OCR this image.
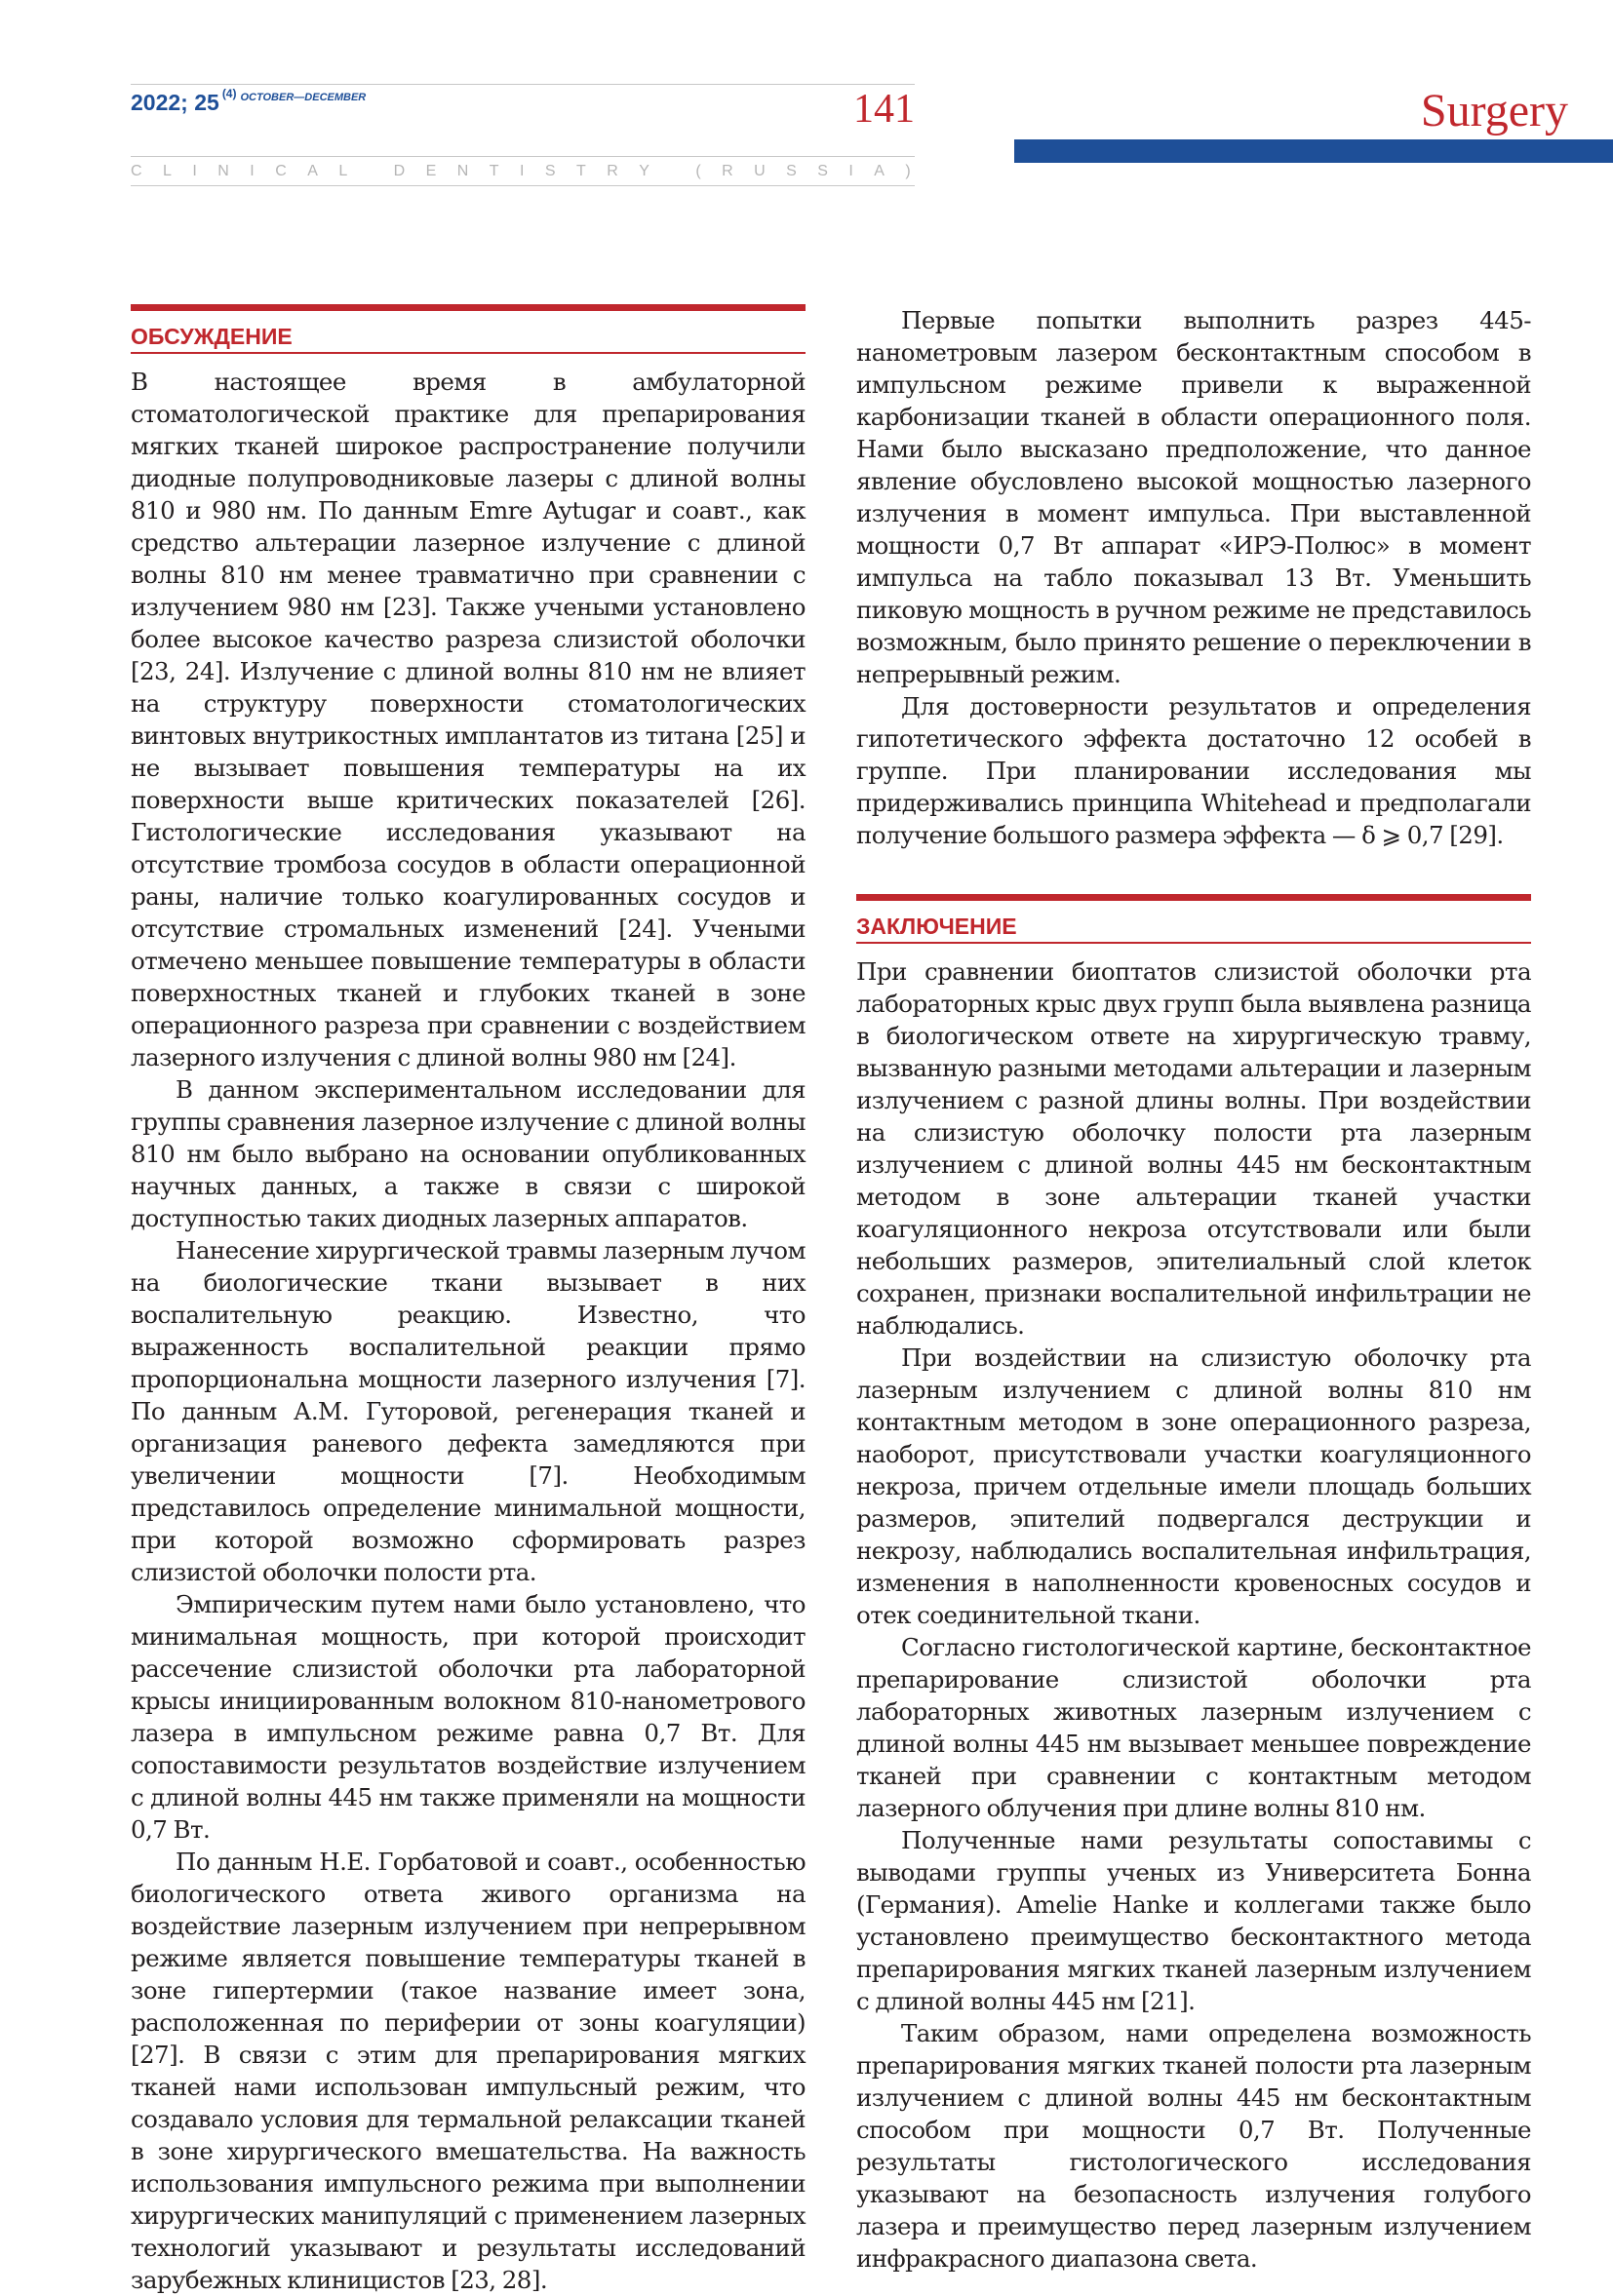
2022; 25 $^{(4)}$ $^{OCTOBER—DECEMBER}$	141
C L I N I C A L
	D E N T I S T R Y
	( R U S S I A )
Surgery
ОБСУЖДЕНИЕ

В настоящее время в амбулаторной стоматологической практике для препарирования мягких тканей широкое распространение получили диодные полупроводниковые лазеры с длиной волны 810 и 980 нм. По данным Emre Aytugar и соавт., как средство альтерации лазерное излучение с длиной волны 810 нм менее травматично при сравнении с излучением 980 нм [23]. Также учеными установлено более высокое качество разреза слизистой оболочки [23, 24]. Излучение с длиной волны 810 нм не влияет на структуру поверхности стоматологических винтовых внутрикостных имплантатов из титана [25] и не вызывает повышения температуры на их поверхности выше критических показателей [26]. Гистологические исследования указывают на отсутствие тромбоза сосудов в области операционной раны, наличие только коагулированных сосудов и отсутствие стромальных изменений [24]. Учеными отмечено меньшее повышение температуры в области поверхностных тканей и глубоких тканей в зоне операционного разреза при сравнении с воздействием лазерного излучения с длиной волны 980 нм [24].

В данном экспериментальном исследовании для группы сравнения лазерное излучение с длиной волны 810 нм было выбрано на основании опубликованных научных данных, а также в связи с широкой доступностью таких диодных лазерных аппаратов.

Нанесение хирургической травмы лазерным лучом на биологические ткани вызывает в них воспалительную реакцию. Известно, что выраженность воспалительной реакции прямо пропорциональна мощности лазерного излучения [7]. По данным А.М. Гуторовой, регенерация тканей и организация раневого дефекта замедляются при увеличении мощности [7]. Необходимым представилось определение минимальной мощности, при которой возможно сформировать разрез слизистой оболочки полости рта.

Эмпирическим путем нами было установлено, что минимальная мощность, при которой происходит рассечение слизистой оболочки рта лабораторной крысы инициированным волокном 810-нанометрового лазера в импульсном режиме равна 0,7 Вт. Для сопоставимости результатов воздействие излучением с длиной волны 445 нм также применяли на мощности 0,7 Вт.

По данным Н.Е. Горбатовой и соавт., особенностью биологического ответа живого организма на воздействие лазерным излучением при непрерывном режиме является повышение температуры тканей в зоне гипертермии (такое название имеет зона, расположенная по периферии от зоны коагуляции) [27]. В связи с этим для препарирования мягких тканей нами использован импульсный режим, что создавало условия для термальной релаксации тканей в зоне хирургического вмешательства. На важность использования импульсного режима при выполнении хирургических манипуляций с применением лазерных технологий указывают и результаты исследований зарубежных клиницистов [23, 28].

Первые попытки выполнить разрез 445-нанометровым лазером бесконтактным способом в импульсном режиме привели к выраженной карбонизации тканей в области операционного поля. Нами было высказано предположение, что данное явление обусловлено высокой мощностью лазерного излучения в момент импульса. При выставленной мощности 0,7 Вт аппарат «ИРЭ-Полюс» в момент импульса на табло показывал 13 Вт. Уменьшить пиковую мощность в ручном режиме не представилось возможным, было принято решение о переключении в непрерывный режим.

Для достоверности результатов и определения гипотетического эффекта достаточно 12 особей в группе. При планировании исследования мы придерживались принципа Whitehead и предполагали получение большого размера эффекта — δ ⩾ 0,7 [29].

ЗАКЛЮЧЕНИЕ

При сравнении биоптатов слизистой оболочки рта лабораторных крыс двух групп была выявлена разница в биологическом ответе на хирургическую травму, вызванную разными методами альтерации и лазерным излучением с разной длины волны. При воздействии на слизистую оболочку полости рта лазерным излучением с длиной волны 445 нм бесконтактным методом в зоне альтерации тканей участки коагуляционного некроза отсутствовали или были небольших размеров, эпителиальный слой клеток сохранен, признаки воспалительной инфильтрации не наблюдались.

При воздействии на слизистую оболочку рта лазерным излучением с длиной волны 810 нм контактным методом в зоне операционного разреза, наоборот, присутствовали участки коагуляционного некроза, причем отдельные имели площадь больших размеров, эпителий подвергался деструкции и некрозу, наблюдались воспалительная инфильтрация, изменения в наполненности кровеносных сосудов и отек соединительной ткани.

Согласно гистологической картине, бесконтактное препарирование слизистой оболочки рта лабораторных животных лазерным излучением с длиной волны 445 нм вызывает меньшее повреждение тканей при сравнении с контактным методом лазерного облучения при длине волны 810 нм.

Полученные нами результаты сопоставимы с выводами группы ученых из Университета Бонна (Германия). Amelie Hanke и коллегами также было установлено преимущество бесконтактного метода препарирования мягких тканей лазерным излучением с длиной волны 445 нм [21].

Таким образом, нами определена возможность препарирования мягких тканей полости рта лазерным излучением с длиной волны 445 нм бесконтактным способом при мощности 0,7 Вт. Полученные результаты гистологического исследования указывают на безопасность излучения голубого лазера и преимущество перед лазерным излучением инфракрасного диапазона света.
